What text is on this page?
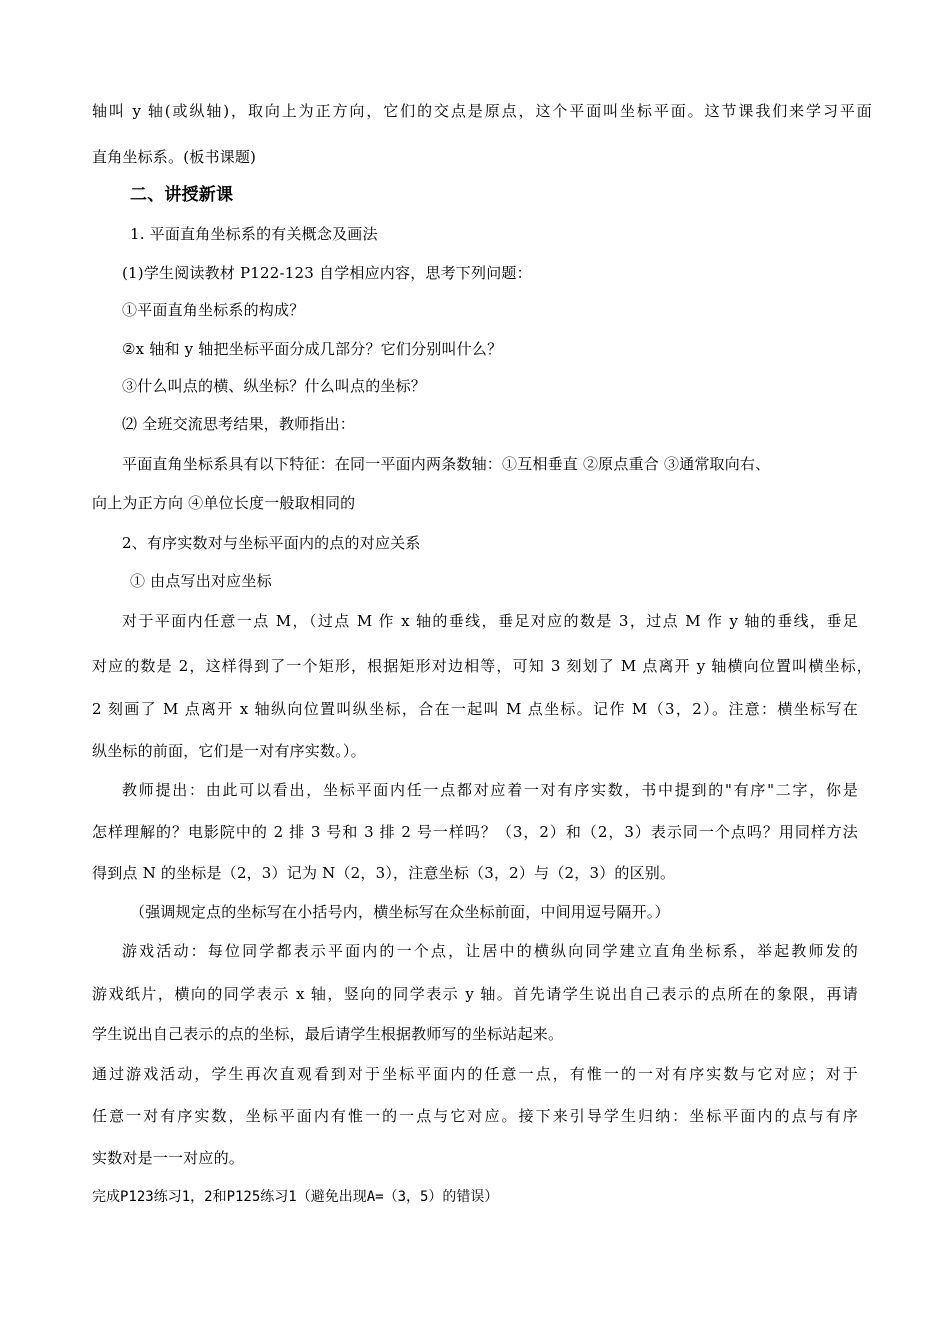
轴叫 y 轴(或纵轴)，取向上为正方向，它们的交点是原点，这个平面叫坐标平面。这节课我们来学习平面
直角坐标系。(板书课题)
二、讲授新课
1. 平面直角坐标系的有关概念及画法
(1)学生阅读教材 P122-123 自学相应内容，思考下列问题：
①平面直角坐标系的构成？
②x 轴和 y 轴把坐标平面分成几部分？它们分别叫什么？
③什么叫点的横、纵坐标？什么叫点的坐标？
⑵ 全班交流思考结果，教师指出：
平面直角坐标系具有以下特征：在同一平面内两条数轴：①互相垂直 ②原点重合 ③通常取向右、
向上为正方向 ④单位长度一般取相同的
2、有序实数对与坐标平面内的点的对应关系
① 由点写出对应坐标
对于平面内任意一点 M，（过点 M 作 x 轴的垂线，垂足对应的数是 3，过点 M 作 y 轴的垂线，垂足
对应的数是 2，这样得到了一个矩形，根据矩形对边相等，可知 3 刻划了 M 点离开 y 轴横向位置叫横坐标，
2 刻画了 M 点离开 x 轴纵向位置叫纵坐标，合在一起叫 M 点坐标。记作 M（3，2）。注意：横坐标写在
纵坐标的前面，它们是一对有序实数。）。
教师提出：由此可以看出，坐标平面内任一点都对应着一对有序实数，书中提到的"有序"二字，你是
怎样理解的？电影院中的 2 排 3 号和 3 排 2 号一样吗？（3，2）和（2，3）表示同一个点吗？用同样方法
得到点 N 的坐标是（2，3）记为 N（2，3），注意坐标（3，2）与（2，3）的区别。
（强调规定点的坐标写在小括号内，横坐标写在众坐标前面，中间用逗号隔开。）
游戏活动：每位同学都表示平面内的一个点，让居中的横纵向同学建立直角坐标系，举起教师发的
游戏纸片，横向的同学表示 x 轴，竖向的同学表示 y 轴。首先请学生说出自己表示的点所在的象限，再请
学生说出自己表示的点的坐标，最后请学生根据教师写的坐标站起来。
通过游戏活动，学生再次直观看到对于坐标平面内的任意一点，有惟一的一对有序实数与它对应；对于
任意一对有序实数，坐标平面内有惟一的一点与它对应。接下来引导学生归纳：坐标平面内的点与有序
实数对是一一对应的。
完成P123练习1，2和P125练习1（避免出现A=（3，5）的错误）
